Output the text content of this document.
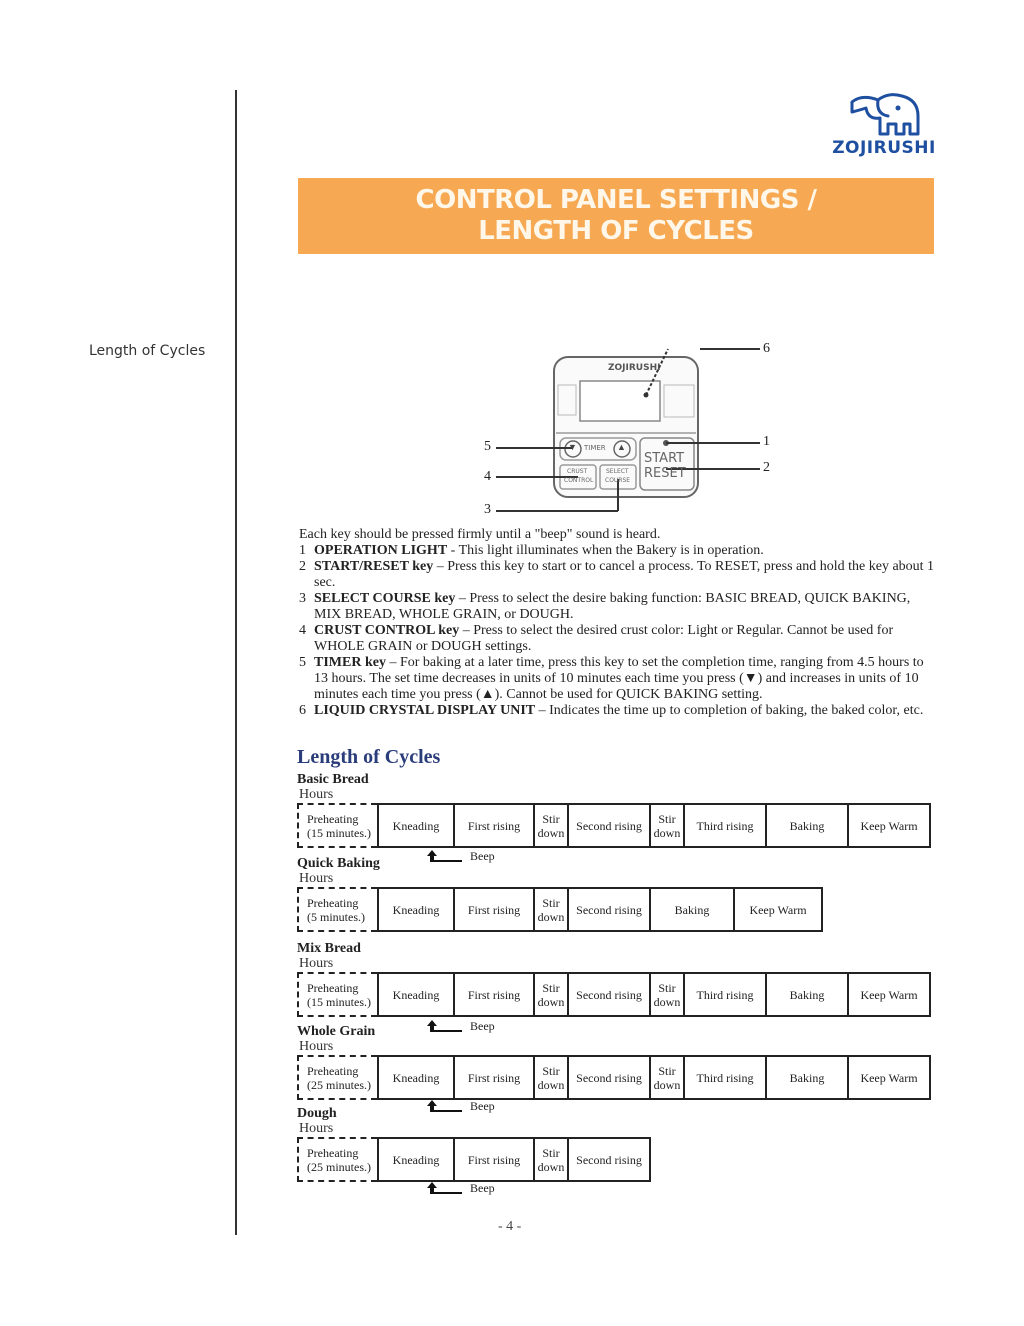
Length of Cycles
ZOJIRUSHI
CONTROL PANEL SETTINGS /
LENGTH OF CYCLES
ZOJIRUSHI
TIMER
▼	▲
CRUST
CONTROL
SELECT
COURSE
START
RESET
6
1
2
5
4
3
Each key should be pressed firmly until a "beep" sound is heard.
1 OPERATION LIGHT - This light illuminates when the Bakery is in operation.
2 START/RESET key – Press this key to start or to cancel a process. To RESET, press and hold the key about 1 sec.
3 SELECT COURSE key – Press to select the desire baking function: BASIC BREAD, QUICK BAKING, MIX BREAD, WHOLE GRAIN, or DOUGH.
4 CRUST CONTROL key – Press to select the desired crust color: Light or Regular. Cannot be used for WHOLE GRAIN or DOUGH settings.
5 TIMER key – For baking at a later time, press this key to set the completion time, ranging from 4.5 hours to 13 hours. The set time decreases in units of 10 minutes each time you press (▼) and increases in units of 10 minutes each time you press (▲). Cannot be used for QUICK BAKING setting.
6 LIQUID CRYSTAL DISPLAY UNIT – Indicates the time up to completion of baking, the baked color, etc.
Length of Cycles
Basic Bread
Hours
Preheating
(15 minutes.)	Kneading	First rising	Stir
down Second rising	Stir
down	Third rising	Baking	Keep Warm
Quick Baking
Hours
Preheating
(5 minutes.)	Kneading	First rising	Stir
down Second rising	Baking	Keep Warm
Mix Bread
Hours
Preheating
(15 minutes.)	Kneading	First rising	Stir
down Second rising	Stir
down	Third rising	Baking	Keep Warm
Whole Grain
Hours
Preheating
(25 minutes.)	Kneading	First rising	Stir
down Second rising	Stir
down	Third rising	Baking	Keep Warm
Dough
Hours
Preheating
(25 minutes.)	Kneading	First rising	Stir
down Second rising
- 4 -
Beep
Beep
Beep
Beep
